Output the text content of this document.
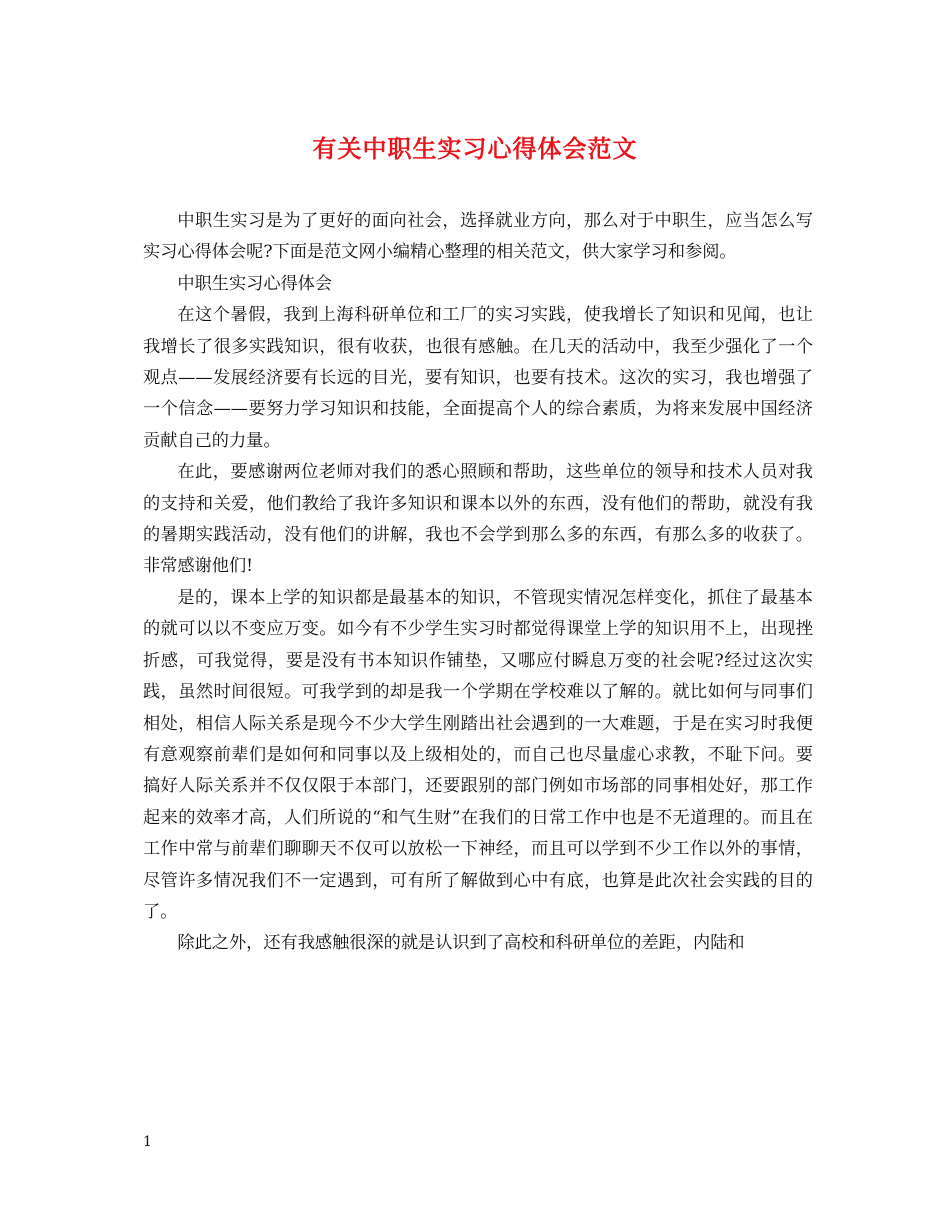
有关中职生实习心得体会范文

中职生实习是为了更好的面向社会，选择就业方向，那么对于中职生，应当怎么写实习心得体会呢?下面是范文网小编精心整理的相关范文，供大家学习和参阅。

中职生实习心得体会

在这个暑假，我到上海科研单位和工厂的实习实践，使我增长了知识和见闻，也让我增长了很多实践知识，很有收获，也很有感触。在几天的活动中，我至少强化了一个观点——发展经济要有长远的目光，要有知识，也要有技术。这次的实习，我也增强了一个信念——要努力学习知识和技能，全面提高个人的综合素质，为将来发展中国经济贡献自己的力量。

在此，要感谢两位老师对我们的悉心照顾和帮助，这些单位的领导和技术人员对我的支持和关爱，他们教给了我许多知识和课本以外的东西，没有他们的帮助，就没有我的暑期实践活动，没有他们的讲解，我也不会学到那么多的东西，有那么多的收获了。非常感谢他们!

是的，课本上学的知识都是最基本的知识，不管现实情况怎样变化，抓住了最基本的就可以以不变应万变。如今有不少学生实习时都觉得课堂上学的知识用不上，出现挫折感，可我觉得，要是没有书本知识作铺垫，又哪应付瞬息万变的社会呢?经过这次实践，虽然时间很短。可我学到的却是我一个学期在学校难以了解的。就比如何与同事们相处，相信人际关系是现今不少大学生刚踏出社会遇到的一大难题，于是在实习时我便有意观察前辈们是如何和同事以及上级相处的，而自己也尽量虚心求教，不耻下问。要搞好人际关系并不仅仅限于本部门，还要跟别的部门例如市场部的同事相处好，那工作起来的效率才高，人们所说的“和气生财”在我们的日常工作中也是不无道理的。而且在工作中常与前辈们聊聊天不仅可以放松一下神经，而且可以学到不少工作以外的事情，尽管许多情况我们不一定遇到，可有所了解做到心中有底，也算是此次社会实践的目的了。

除此之外，还有我感触很深的就是认识到了高校和科研单位的差距，内陆和

1
